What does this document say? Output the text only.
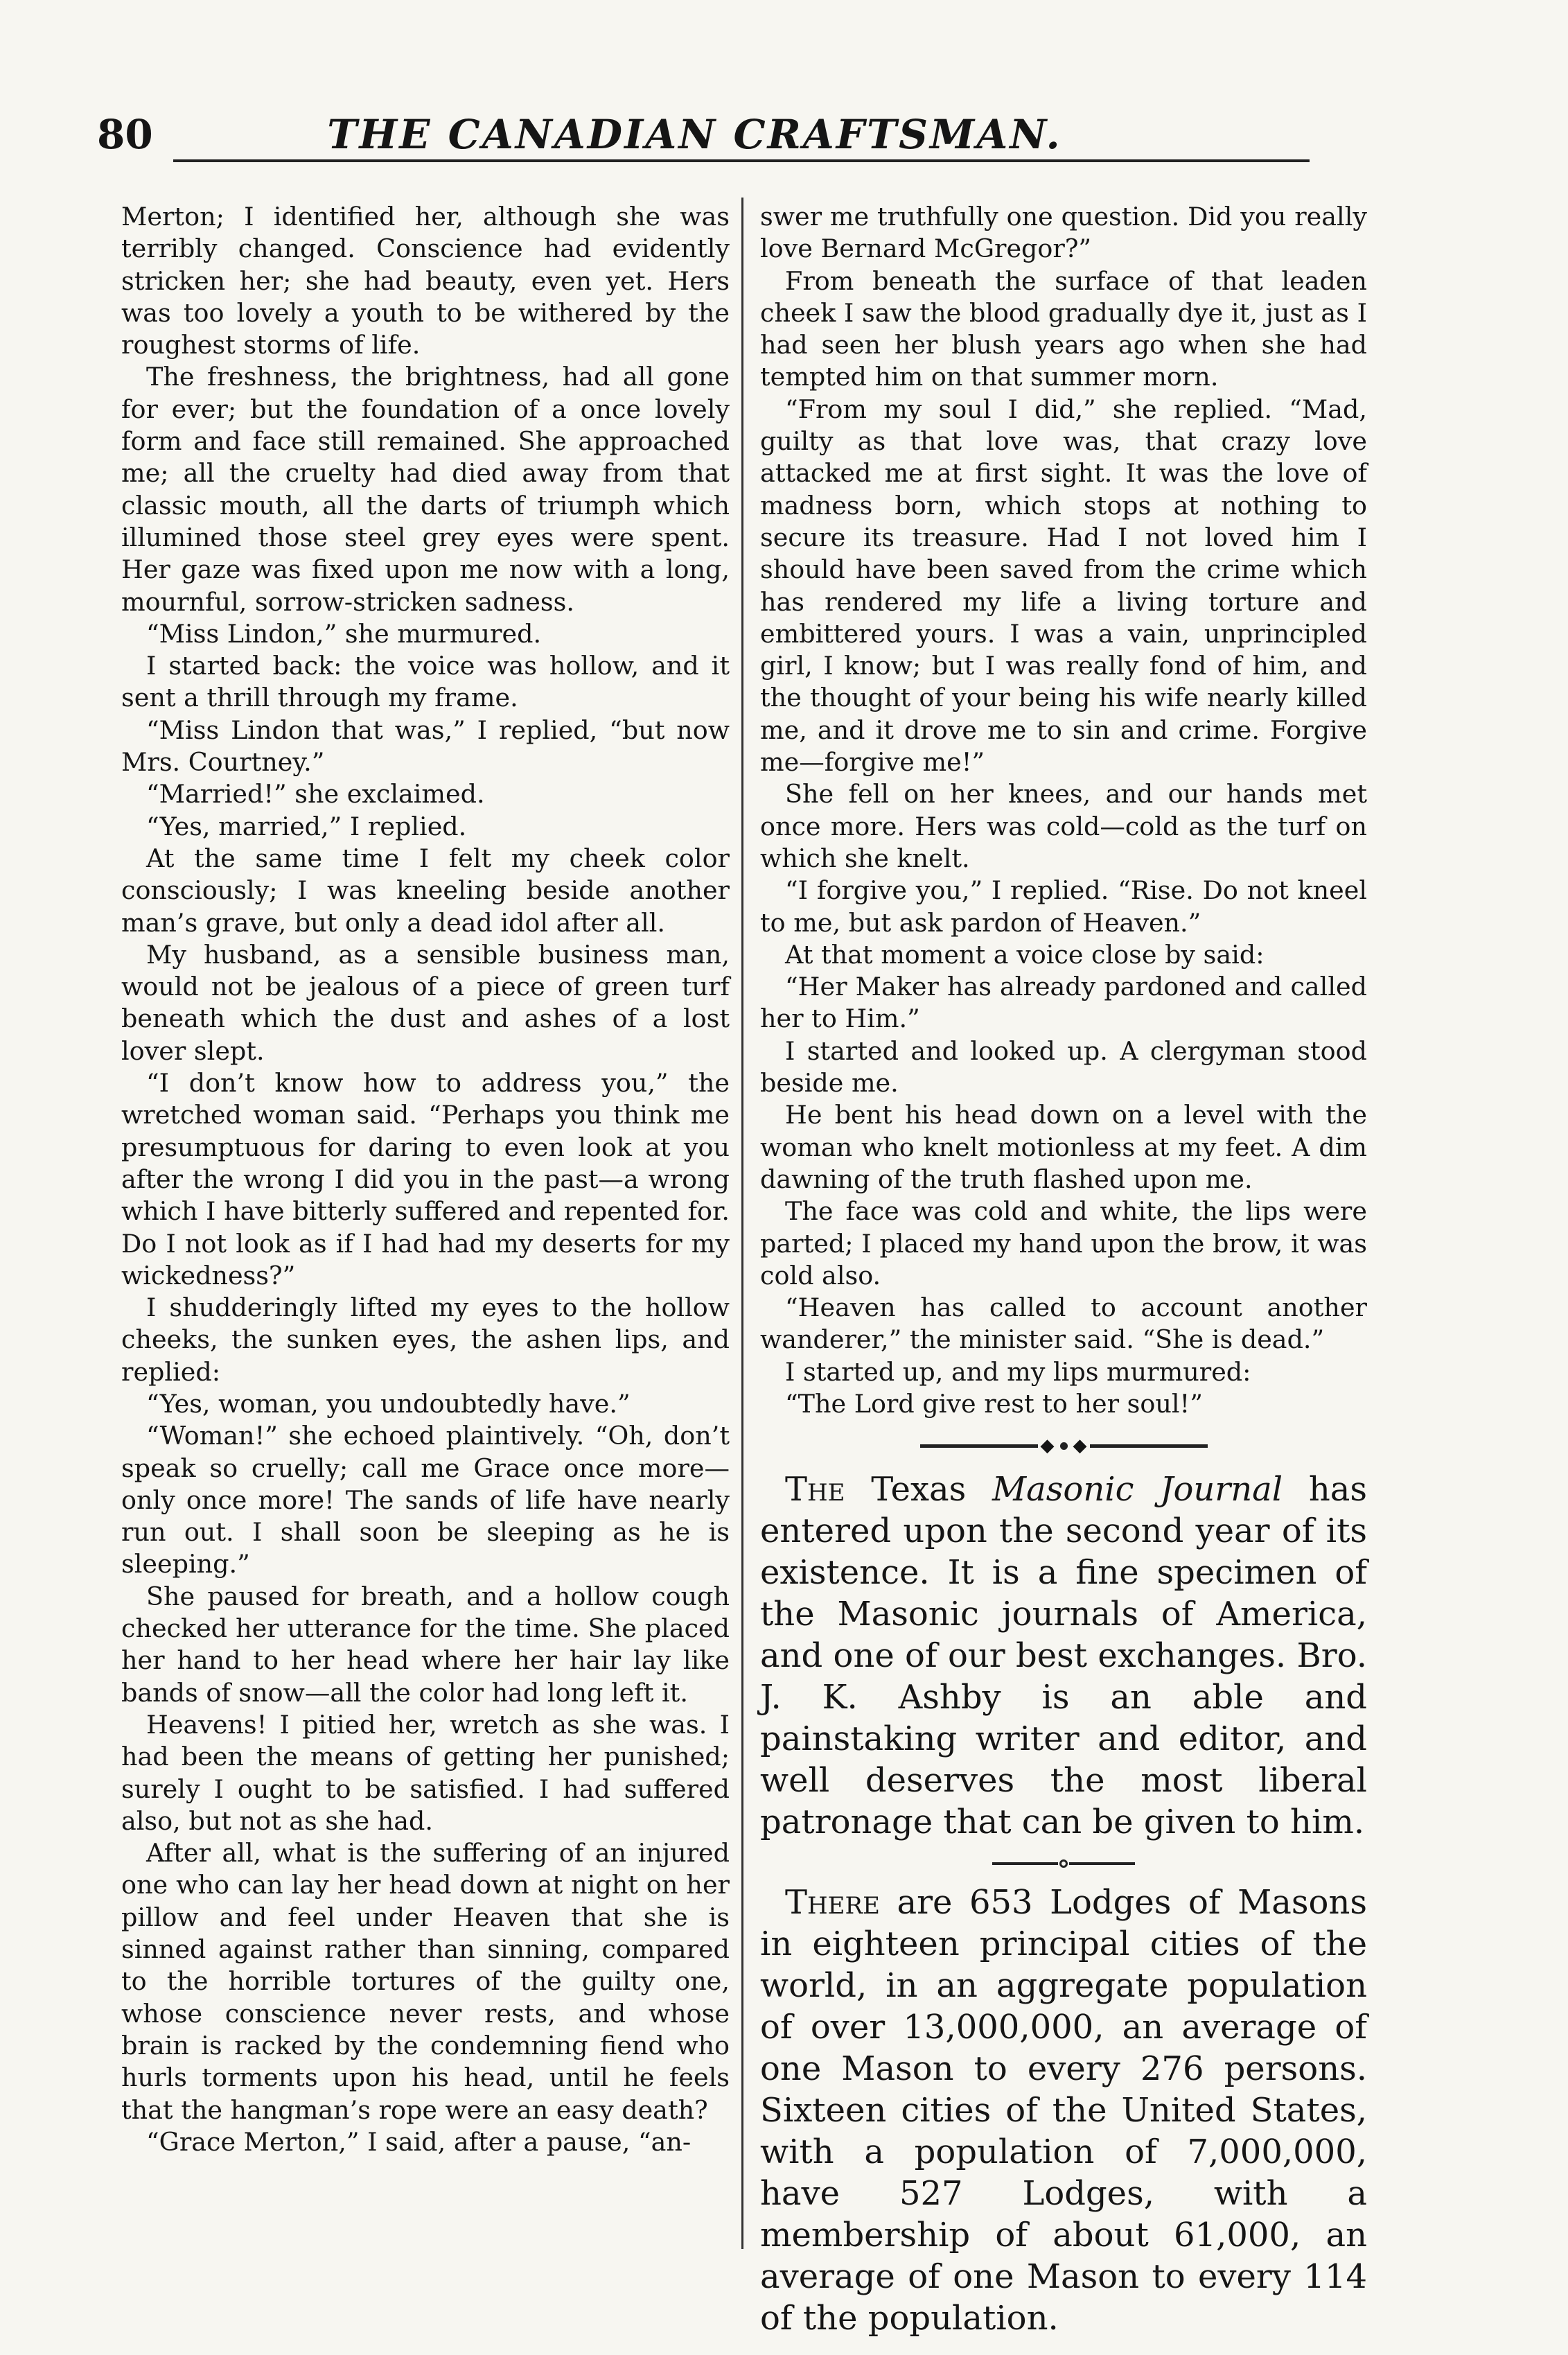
80	THE CANADIAN CRAFTSMAN.

Merton; I identified her, although she was terribly changed. Conscience had evidently stricken her; she had beauty, even yet. Hers was too lovely a youth to be withered by the roughest storms of life.

The freshness, the brightness, had all gone for ever; but the foundation of a once lovely form and face still remained. She approached me; all the cruelty had died away from that classic mouth, all the darts of triumph which illumined those steel grey eyes were spent. Her gaze was fixed upon me now with a long, mournful, sorrow-stricken sadness.

“Miss Lindon,” she murmured.

I started back: the voice was hollow, and it sent a thrill through my frame.

“Miss Lindon that was,” I replied, “but now Mrs. Courtney.”

“Married!” she exclaimed.

“Yes, married,” I replied.

At the same time I felt my cheek color consciously; I was kneeling beside another man’s grave, but only a dead idol after all.

My husband, as a sensible business man, would not be jealous of a piece of green turf beneath which the dust and ashes of a lost lover slept.

“I don’t know how to address you,” the wretched woman said. “Perhaps you think me presumptuous for daring to even look at you after the wrong I did you in the past—a wrong which I have bitterly suffered and repented for. Do I not look as if I had had my deserts for my wickedness?”

I shudderingly lifted my eyes to the hollow cheeks, the sunken eyes, the ashen lips, and replied:

“Yes, woman, you undoubtedly have.”

“Woman!” she echoed plaintively. “Oh, don’t speak so cruelly; call me Grace once more—only once more! The sands of life have nearly run out. I shall soon be sleeping as he is sleeping.”

She paused for breath, and a hollow cough checked her utterance for the time. She placed her hand to her head where her hair lay like bands of snow—all the color had long left it.

Heavens! I pitied her, wretch as she was. I had been the means of getting her punished; surely I ought to be satisfied. I had suffered also, but not as she had.

After all, what is the suffering of an injured one who can lay her head down at night on her pillow and feel under Heaven that she is sinned against rather than sinning, compared to the horrible tortures of the guilty one, whose conscience never rests, and whose brain is racked by the condemning fiend who hurls torments upon his head, until he feels that the hangman’s rope were an easy death?

“Grace Merton,” I said, after a pause, “an-

swer me truthfully one question. Did you really love Bernard McGregor?”

From beneath the surface of that leaden cheek I saw the blood gradually dye it, just as I had seen her blush years ago when she had tempted him on that summer morn.

“From my soul I did,” she replied. “Mad, guilty as that love was, that crazy love attacked me at first sight. It was the love of madness born, which stops at nothing to secure its treasure. Had I not loved him I should have been saved from the crime which has rendered my life a living torture and embittered yours. I was a vain, unprincipled girl, I know; but I was really fond of him, and the thought of your being his wife nearly killed me, and it drove me to sin and crime. Forgive me—forgive me!”

She fell on her knees, and our hands met once more. Hers was cold—cold as the turf on which she knelt.

“I forgive you,” I replied. “Rise. Do not kneel to me, but ask pardon of Heaven.”

At that moment a voice close by said:

“Her Maker has already pardoned and called her to Him.”

I started and looked up. A clergyman stood beside me.

He bent his head down on a level with the woman who knelt motionless at my feet. A dim dawning of the truth flashed upon me.

The face was cold and white, the lips were parted; I placed my hand upon the brow, it was cold also.

“Heaven has called to account another wanderer,” the minister said. “She is dead.”

I started up, and my lips murmured:

“The Lord give rest to her soul!”

◆ ◆

The Texas Masonic Journal has entered upon the second year of its existence. It is a fine specimen of the Masonic journals of America, and one of our best exchanges. Bro. J. K. Ashby is an able and painstaking writer and editor, and well deserves the most liberal patronage that can be given to him.

There are 653 Lodges of Masons in eighteen principal cities of the world, in an aggregate population of over 13,000,000, an average of one Mason to every 276 persons. Sixteen cities of the United States, with a population of 7,000,000, have 527 Lodges, with a membership of about 61,000, an average of one Mason to every 114 of the population.
